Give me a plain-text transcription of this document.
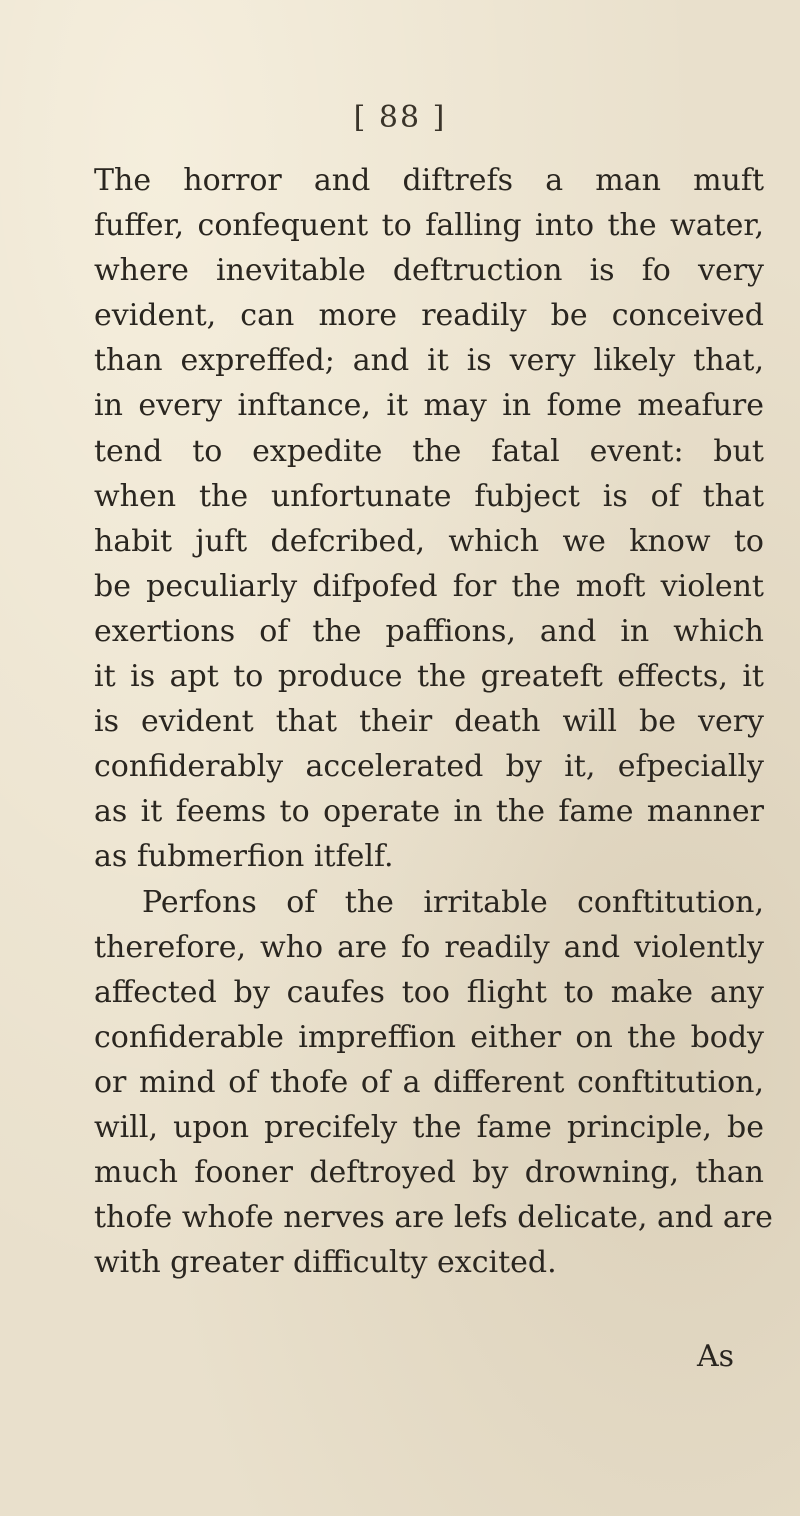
[ 88 ]
The horror and diftrefs a man muft
fuffer, confequent to falling into the water,
where inevitable deftruction is fo very
evident, can more readily be conceived
than expreffed; and it is very likely that,
in every inftance, it may in fome meafure
tend to expedite the fatal event: but
when the unfortunate fubject is of that
habit juft defcribed, which we know to
be peculiarly difpofed for the moft violent
exertions of the paffions, and in which
it is apt to produce the greateft effects, it
is evident that their death will be very
confiderably accelerated by it, efpecially
as it feems to operate in the fame manner
as fubmerfion itfelf.
Perfons of the irritable conftitution,
therefore, who are fo readily and violently
affected by caufes too flight to make any
confiderable impreffion either on the body
or mind of thofe of a different conftitution,
will, upon precifely the fame principle, be
much fooner deftroyed by drowning, than
thofe whofe nerves are lefs delicate, and are
with greater difficulty excited.
As
